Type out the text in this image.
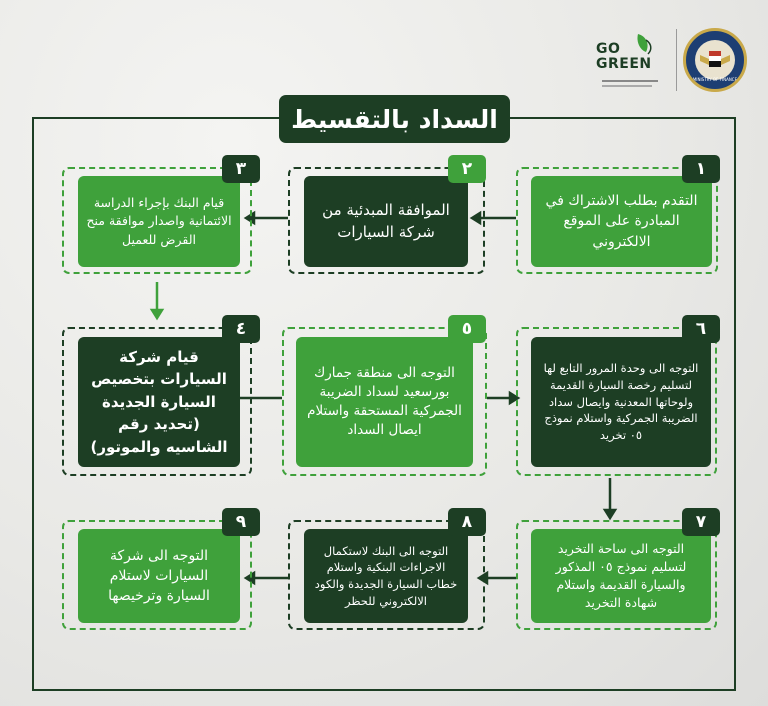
GO GREEN
MINISTRY OF FINANCE
السداد بالتقسيط
التقدم بطلب الاشتراك في المبادرة على الموقع الالكتروني
١
الموافقة المبدئية من شركة السيارات
٢
قيام البنك بإجراء الدراسة الائتمانية واصدار موافقة منح القرض للعميل
٣
التوجه الى وحدة المرور التابع لها لتسليم رخصة السيارة القديمة ولوحاتها المعدنية وايصال سداد الضريبة الجمركية واستلام نموذج ٠٥ تخريد
٦
التوجه الى منطقة جمارك بورسعيد لسداد الضريبة الجمركية المستحقة واستلام ايصال السداد
٥
قيام شركة السيارات بتخصيص السيارة الجديدة (تحديد رقم الشاسيه والموتور)
٤
التوجه الى ساحة التخريد لتسليم نموذج ٠٥ المذكور والسيارة القديمة واستلام شهادة التخريد
٧
التوجه الى البنك لاستكمال الاجراءات البنكية واستلام خطاب السيارة الجديدة والكود الالكتروني للحظر
٨
التوجه الى شركة السيارات لاستلام السيارة وترخيصها
٩
